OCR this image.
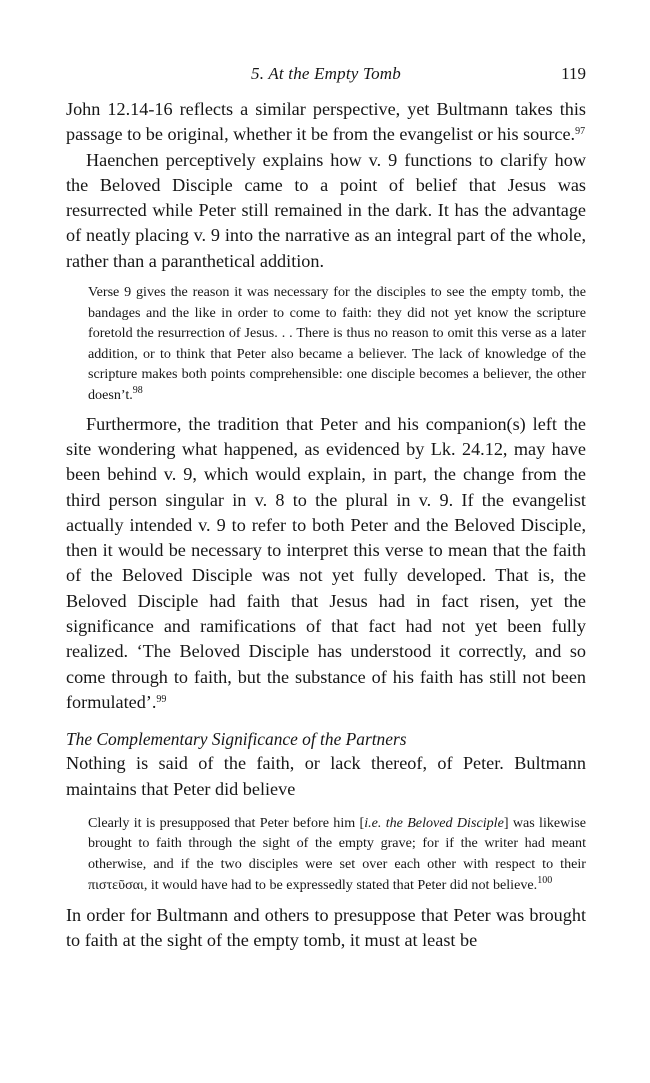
5. At the Empty Tomb	119

John 12.14-16 reflects a similar perspective, yet Bultmann takes this passage to be original, whether it be from the evangelist or his source.$^{97}$

Haenchen perceptively explains how v. 9 functions to clarify how the Beloved Disciple came to a point of belief that Jesus was resurrected while Peter still remained in the dark. It has the advantage of neatly placing v. 9 into the narrative as an integral part of the whole, rather than a paranthetical addition.

Verse 9 gives the reason it was necessary for the disciples to see the empty tomb, the bandages and the like in order to come to faith: they did not yet know the scripture foretold the resurrection of Jesus. . . There is thus no reason to omit this verse as a later addition, or to think that Peter also became a believer. The lack of knowledge of the scripture makes both points comprehensible: one disciple becomes a believer, the other doesn’t.$^{98}$

Furthermore, the tradition that Peter and his companion(s) left the site wondering what happened, as evidenced by Lk. 24.12, may have been behind v. 9, which would explain, in part, the change from the third person singular in v. 8 to the plural in v. 9. If the evangelist actually intended v. 9 to refer to both Peter and the Beloved Disciple, then it would be necessary to interpret this verse to mean that the faith of the Beloved Disciple was not yet fully developed. That is, the Beloved Disciple had faith that Jesus had in fact risen, yet the significance and ramifications of that fact had not yet been fully realized. ‘The Beloved Disciple has understood it correctly, and so come through to faith, but the substance of his faith has still not been formulated’.$^{99}$

The Complementary Significance of the Partners

Nothing is said of the faith, or lack thereof, of Peter. Bultmann maintains that Peter did believe

Clearly it is presupposed that Peter before him [i.e. the Beloved Disciple] was likewise brought to faith through the sight of the empty grave; for if the writer had meant otherwise, and if the two disciples were set over each other with respect to their πιστεῦσαι, it would have had to be expressedly stated that Peter did not believe.$^{100}$

In order for Bultmann and others to presuppose that Peter was brought to faith at the sight of the empty tomb, it must at least be
